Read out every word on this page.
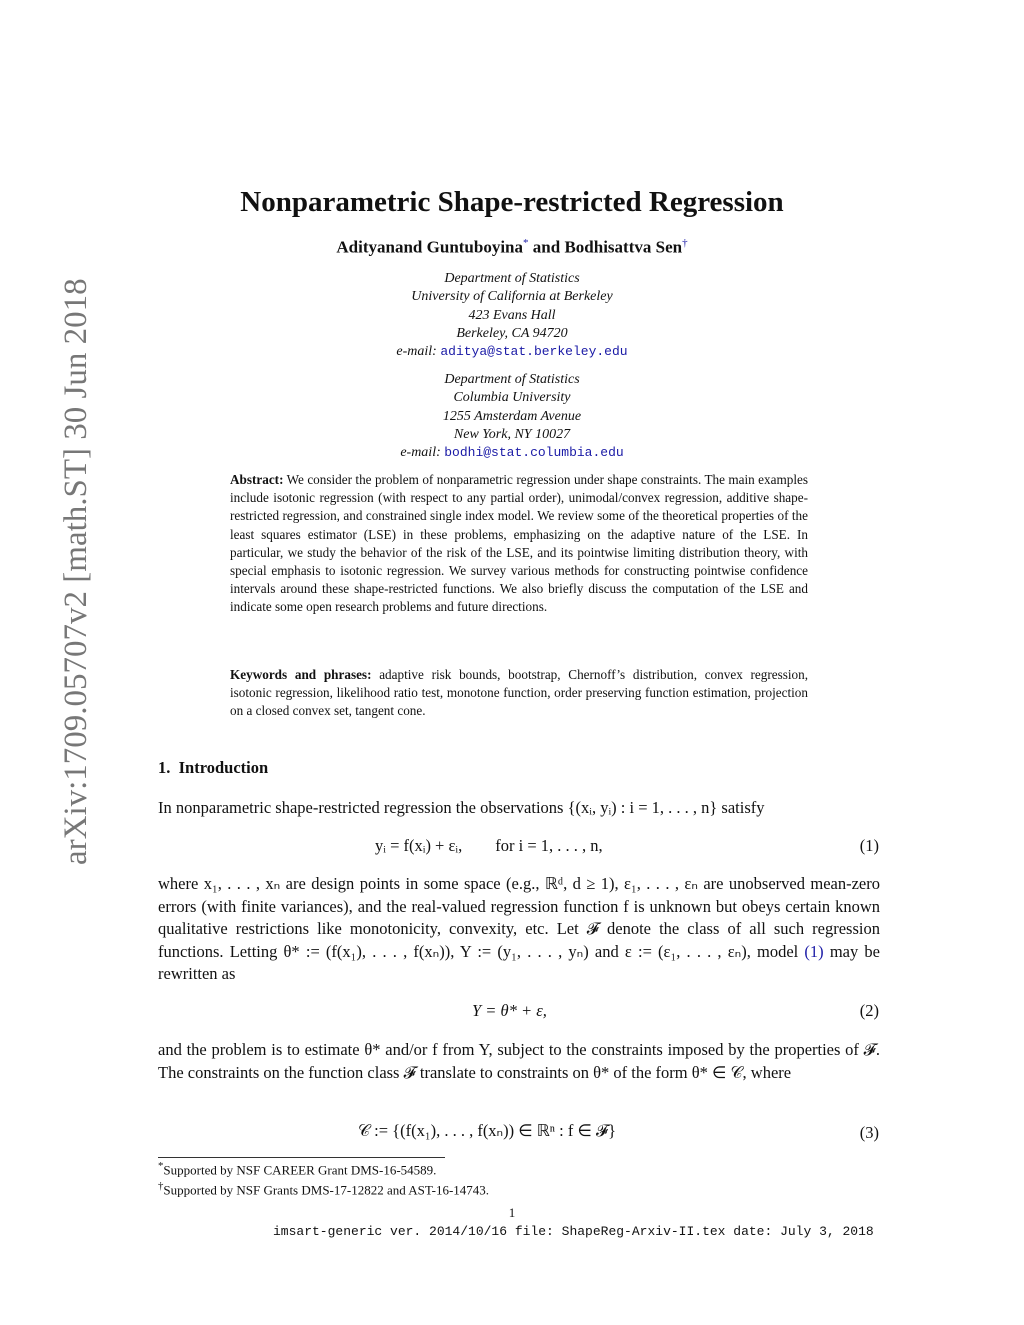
arXiv:1709.05707v2 [math.ST] 30 Jun 2018
Nonparametric Shape-restricted Regression
Adityanand Guntuboyina* and Bodhisattva Sen†
Department of Statistics
University of California at Berkeley
423 Evans Hall
Berkeley, CA 94720
e-mail: aditya@stat.berkeley.edu
Department of Statistics
Columbia University
1255 Amsterdam Avenue
New York, NY 10027
e-mail: bodhi@stat.columbia.edu
Abstract: We consider the problem of nonparametric regression under shape constraints. The main examples include isotonic regression (with respect to any partial order), unimodal/convex regression, additive shape-restricted regression, and constrained single index model. We review some of the theoretical properties of the least squares estimator (LSE) in these problems, emphasizing on the adaptive nature of the LSE. In particular, we study the behavior of the risk of the LSE, and its pointwise limiting distribution theory, with special emphasis to isotonic regression. We survey various methods for constructing pointwise confidence intervals around these shape-restricted functions. We also briefly discuss the computation of the LSE and indicate some open research problems and future directions.
Keywords and phrases: adaptive risk bounds, bootstrap, Chernoff’s distribution, convex regression, isotonic regression, likelihood ratio test, monotone function, order preserving function estimation, projection on a closed convex set, tangent cone.
1. Introduction
In nonparametric shape-restricted regression the observations {(xᵢ, yᵢ) : i = 1, . . . , n} satisfy
yᵢ = f(xᵢ) + εᵢ,        for i = 1, . . . , n,	(1)
where x₁, . . . , xₙ are design points in some space (e.g., ℝᵈ, d ≥ 1), ε₁, . . . , εₙ are unobserved mean-zero errors (with finite variances), and the real-valued regression function f is unknown but obeys certain known qualitative restrictions like monotonicity, convexity, etc. Let 𝓕 denote the class of all such regression functions. Letting θ* := (f(x₁), . . . , f(xₙ)), Y := (y₁, . . . , yₙ) and ε := (ε₁, . . . , εₙ), model (1) may be rewritten as
Y = θ* + ε,	(2)
and the problem is to estimate θ* and/or f from Y, subject to the constraints imposed by the properties of 𝓕. The constraints on the function class 𝓕 translate to constraints on θ* of the form θ* ∈ 𝒞, where
𝒞 := {(f(x₁), . . . , f(xₙ)) ∈ ℝⁿ : f ∈ 𝓕}	(3)
*Supported by NSF CAREER Grant DMS-16-54589.
†Supported by NSF Grants DMS-17-12822 and AST-16-14743.
1
imsart-generic ver. 2014/10/16 file: ShapeReg-Arxiv-II.tex date: July 3, 2018
